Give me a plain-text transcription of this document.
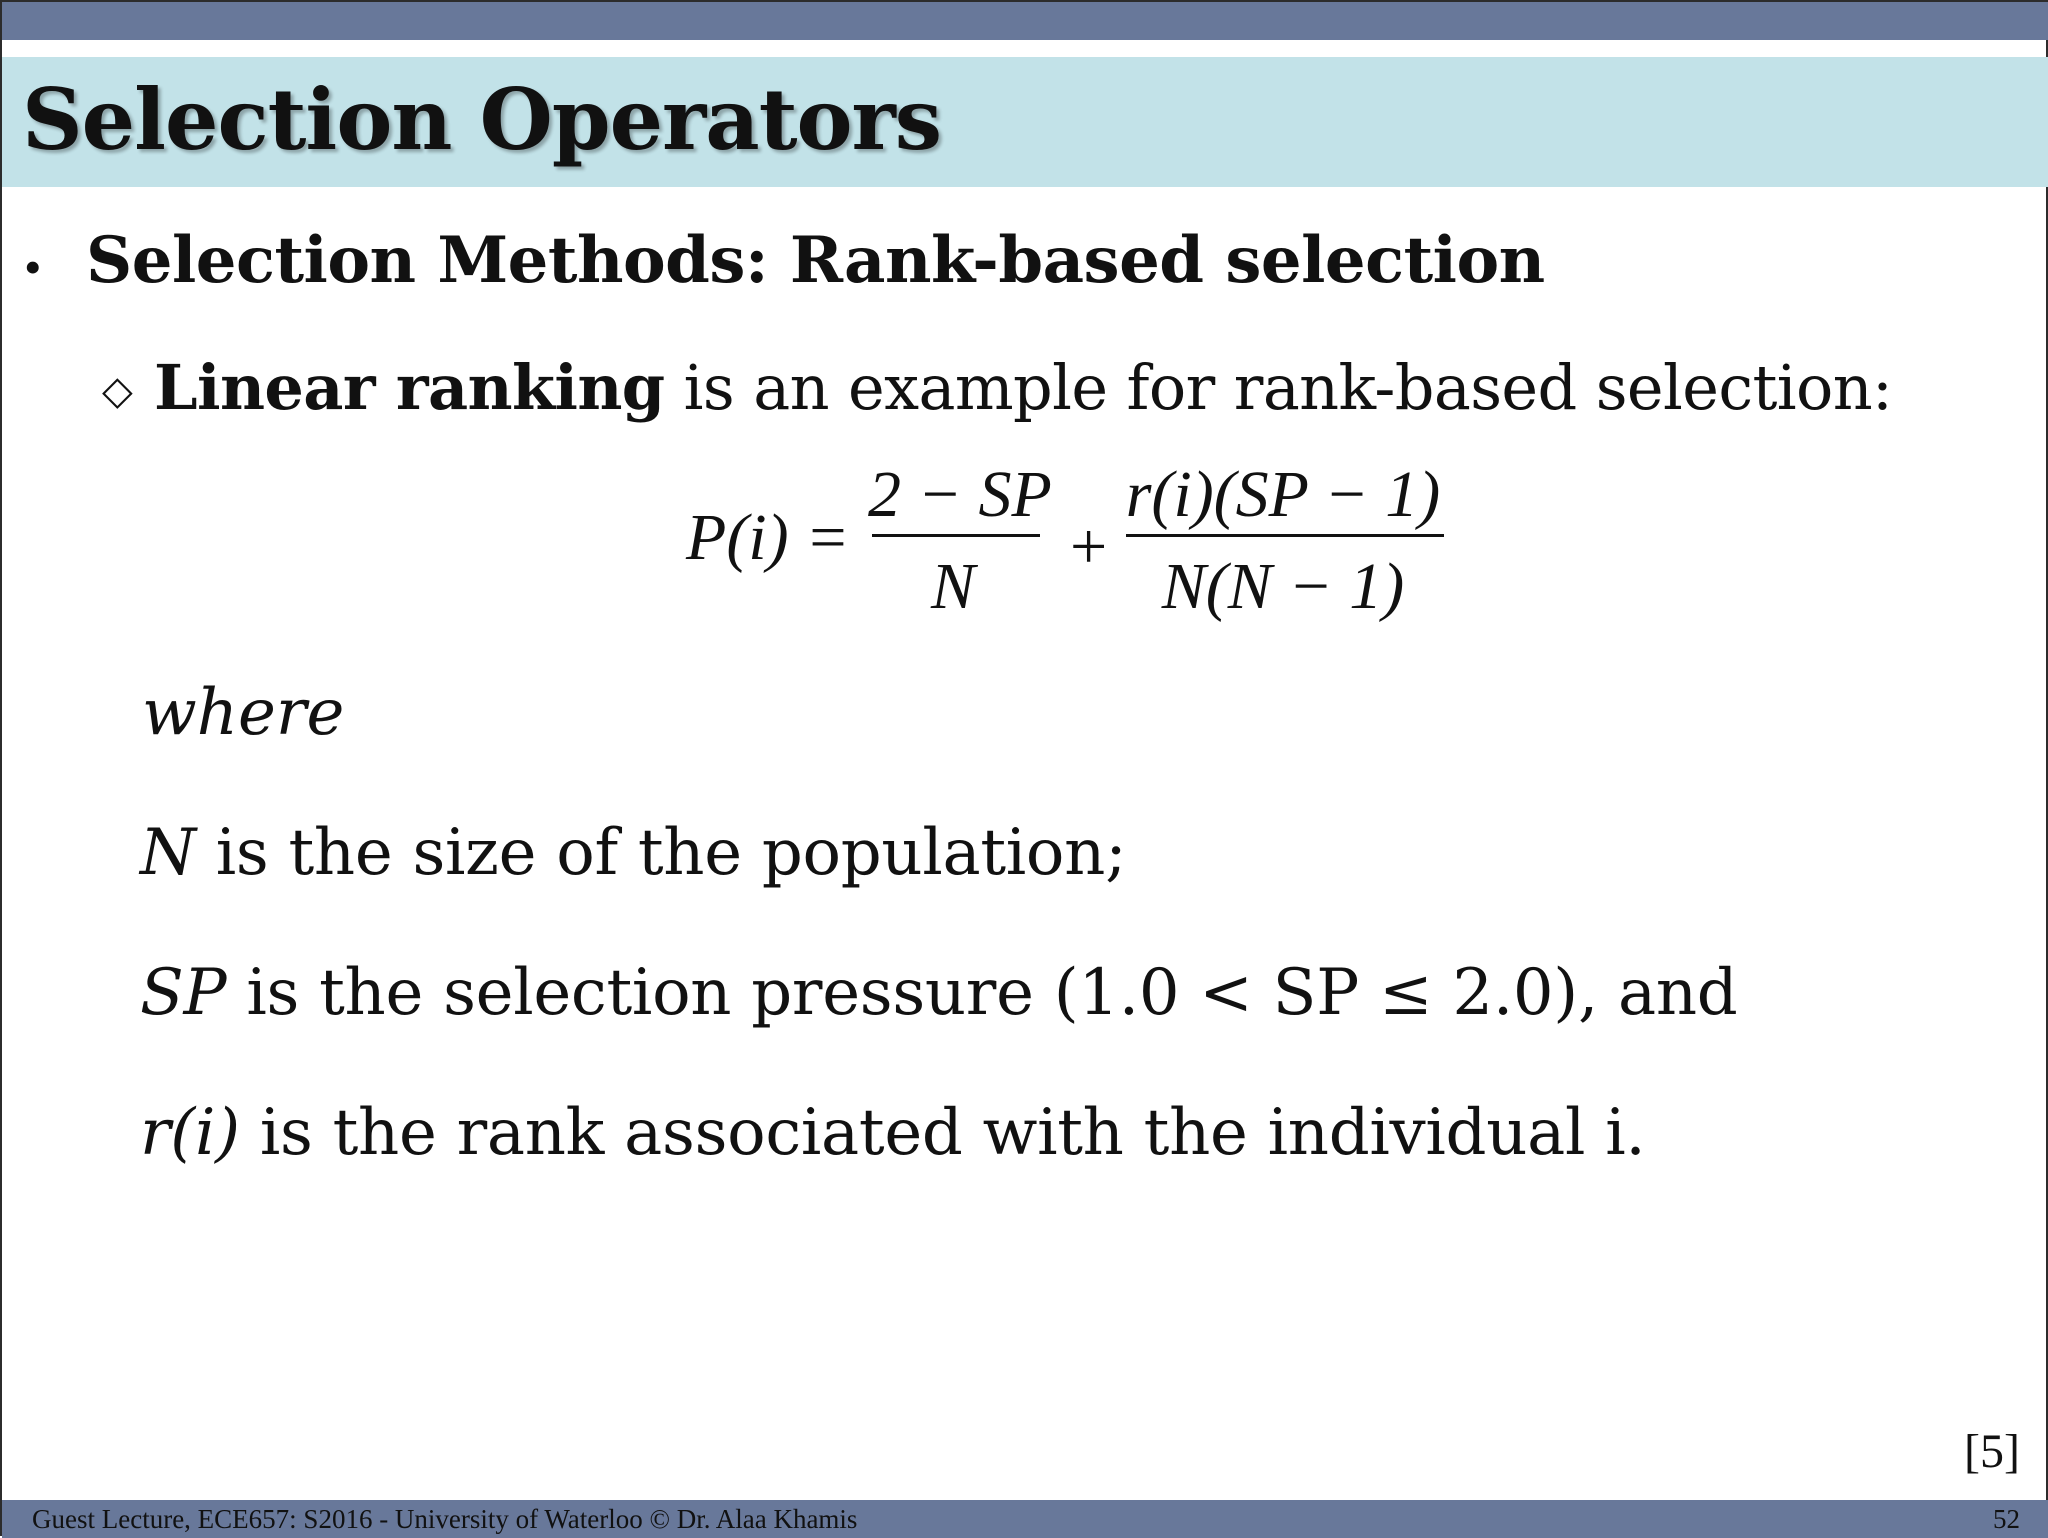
Selection Operators
• Selection Methods: Rank-based selection
◇ Linear ranking is an example for rank-based selection:
P(i) =
2 − SP
N
+
r(i)(SP − 1)
N(N − 1)
where
N is the size of the population;
SP is the selection pressure (1.0 < SP ≤ 2.0), and
r(i) is the rank associated with the individual i.
[5]
Guest Lecture, ECE657: S2016 - University of Waterloo © Dr. Alaa Khamis	52
